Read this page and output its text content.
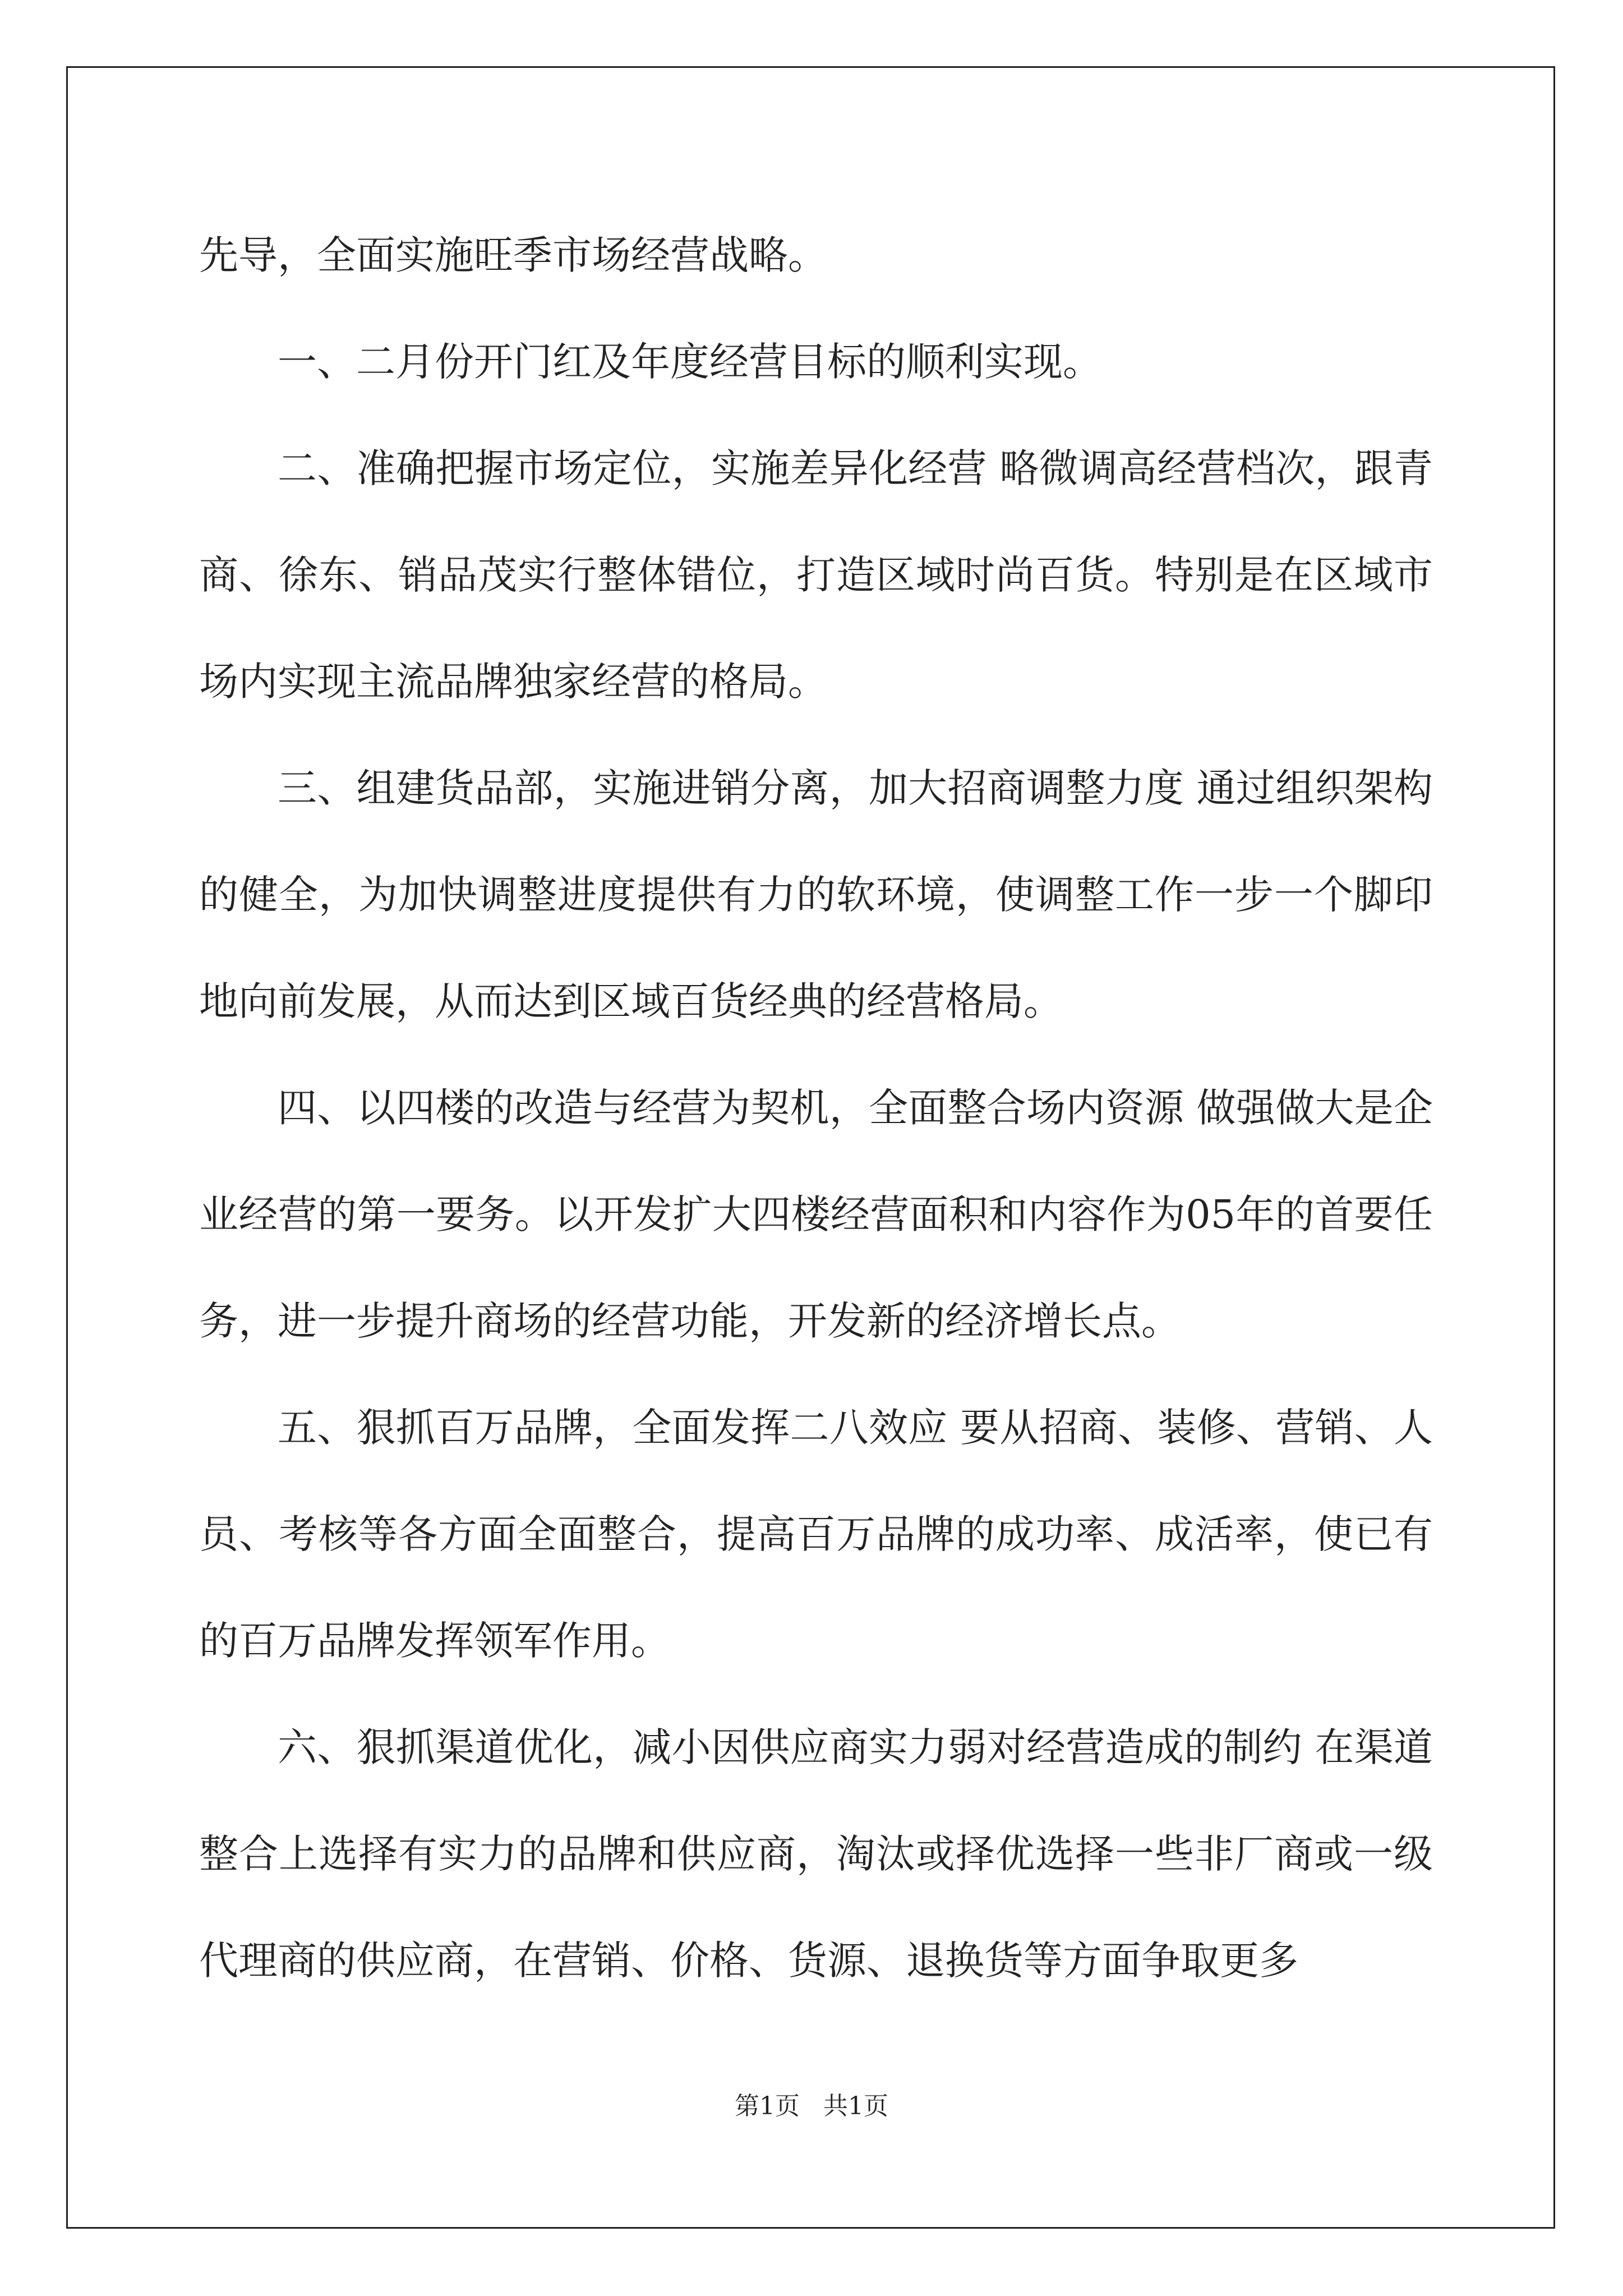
先导，全面实施旺季市场经营战略。

一、二月份开门红及年度经营目标的顺利实现。

二、准确把握市场定位，实施差异化经营 略微调高经营档次，跟青商、徐东、销品茂实行整体错位，打造区域时尚百货。特别是在区域市场内实现主流品牌独家经营的格局。

三、组建货品部，实施进销分离，加大招商调整力度 通过组织架构的健全，为加快调整进度提供有力的软环境，使调整工作一步一个脚印地向前发展，从而达到区域百货经典的经营格局。

四、以四楼的改造与经营为契机，全面整合场内资源 做强做大是企业经营的第一要务。以开发扩大四楼经营面积和内容作为05年的首要任务，进一步提升商场的经营功能，开发新的经济增长点。

五、狠抓百万品牌，全面发挥二八效应 要从招商、装修、营销、人员、考核等各方面全面整合，提高百万品牌的成功率、成活率，使已有的百万品牌发挥领军作用。

六、狠抓渠道优化，减小因供应商实力弱对经营造成的制约 在渠道整合上选择有实力的品牌和供应商，淘汰或择优选择一些非厂商或一级代理商的供应商，在营销、价格、货源、退换货等方面争取更多

第1页   共1页
